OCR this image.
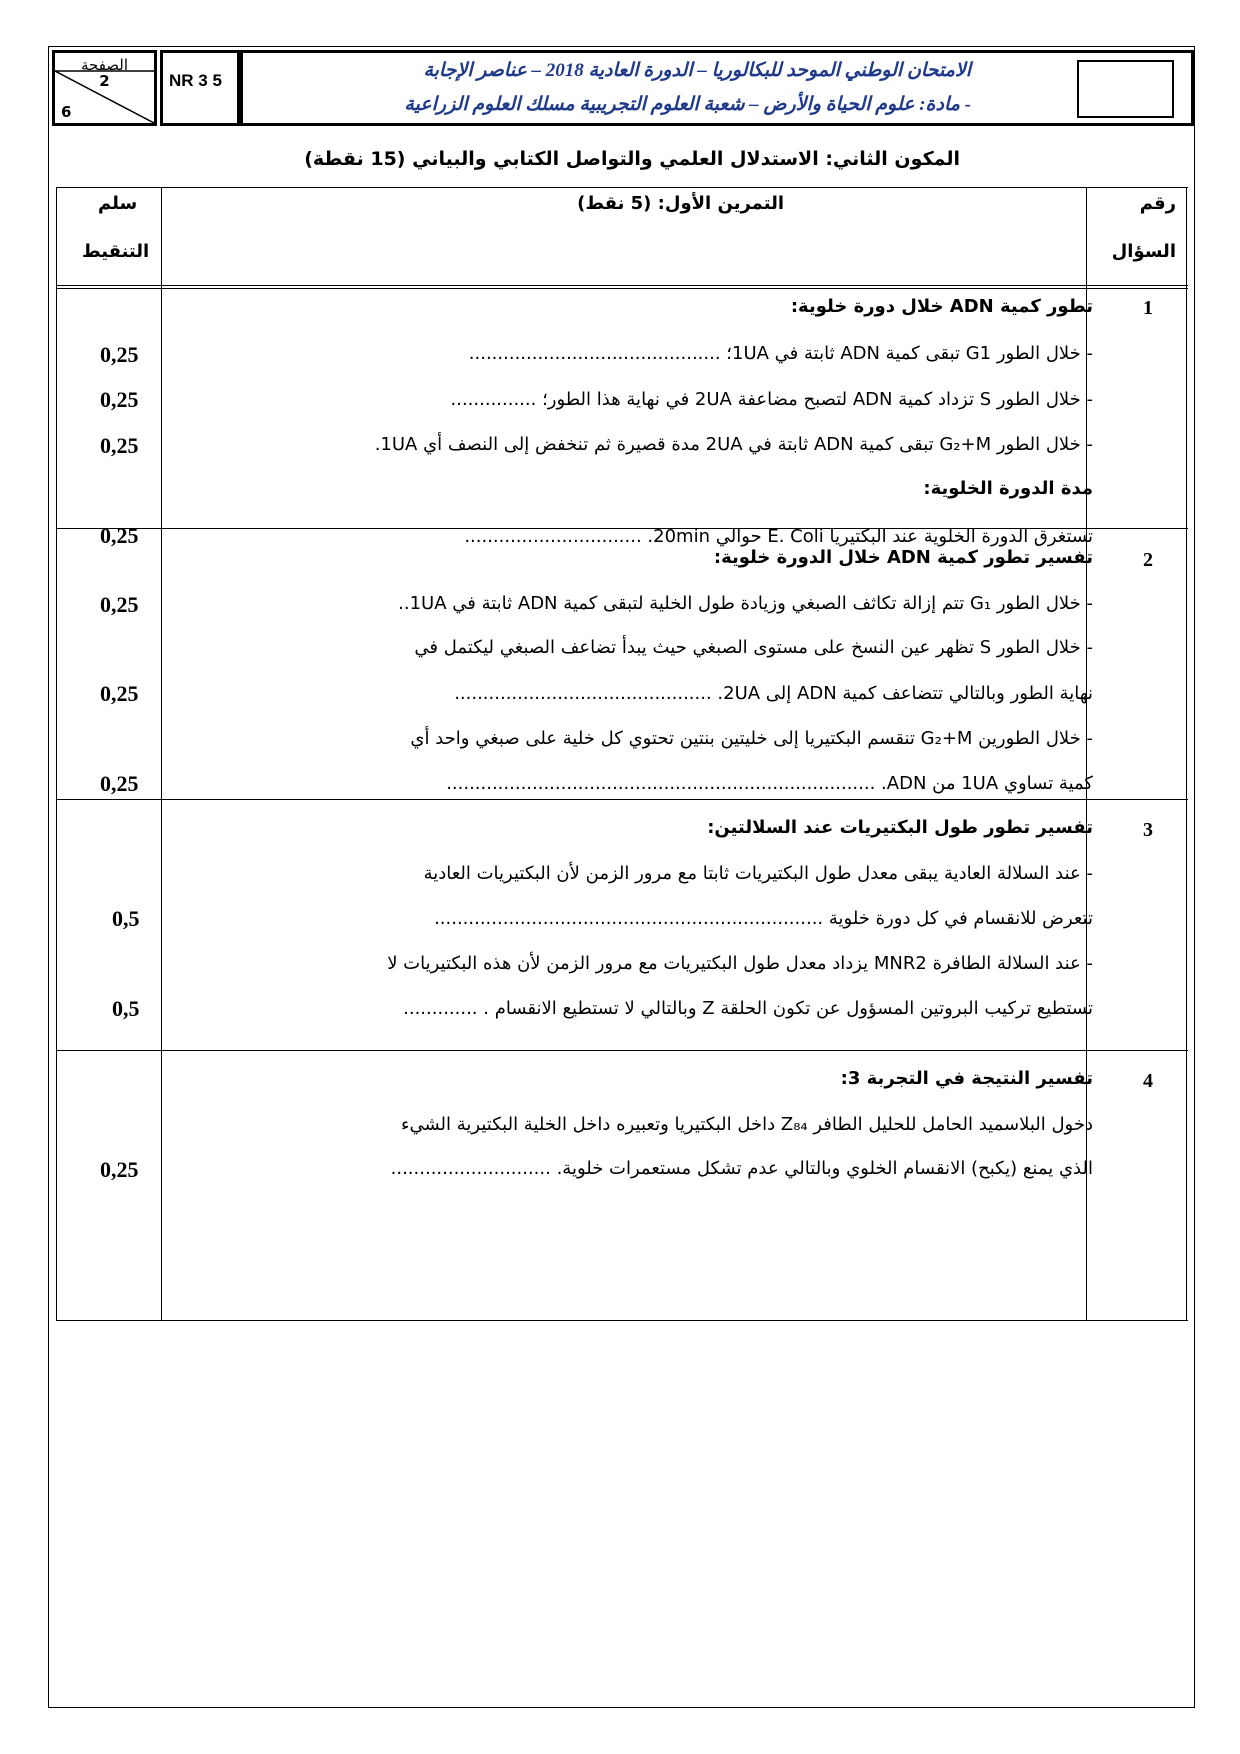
الصفحة
2
6
NR 3 5	الامتحان الوطني الموحد للبكالوريا – الدورة العادية 2018 – عناصر الإجابة
- مادة: علوم الحياة والأرض – شعبة العلوم التجريبية مسلك العلوم الزراعية
المكون الثاني: الاستدلال العلمي والتواصل الكتابي والبياني (15 نقطة)
رقم
السؤال
التمرين الأول: (5 نقط)
سلم
التنقيط
1
تطور كمية ADN خلال دورة خلوية:
- خلال الطور G1 تبقى كمية ADN ثابتة في 1UA؛ ............................................
- خلال الطور S تزداد كمية ADN لتصبح مضاعفة 2UA في نهاية هذا الطور؛ ...............
- خلال الطور G₂+M تبقى كمية ADN ثابتة في 2UA مدة قصيرة ثم تنخفض إلى النصف أي 1UA.
مدة الدورة الخلوية:
تستغرق الدورة الخلوية عند البكتيريا E. Coli حوالي 20min. ...............................
0,25
0,25
0,25
0,25
2
تفسير تطور كمية ADN خلال الدورة خلوية:
- خلال الطور G₁ تتم إزالة تكاثف الصبغي وزيادة طول الخلية لتبقى كمية ADN ثابتة في 1UA..
- خلال الطور S تظهر عين النسخ على مستوى الصبغي حيث يبدأ تضاعف الصبغي ليكتمل في
نهاية الطور وبالتالي تتضاعف كمية ADN إلى 2UA. .............................................
- خلال الطورين G₂+M تنقسم البكتيريا إلى خليتين بنتين تحتوي كل خلية على صبغي واحد أي
كمية تساوي 1UA من ADN. ...........................................................................
0,25
0,25
0,25
3
تفسير تطور طول البكتيريات عند السلالتين:
- عند السلالة العادية يبقى معدل طول البكتيريات ثابتا مع مرور الزمن لأن البكتيريات العادية
تتعرض للانقسام في كل دورة خلوية ....................................................................
- عند السلالة الطافرة MNR2 يزداد معدل طول البكتيريات مع مرور الزمن لأن هذه البكتيريات لا
تستطيع تركيب البروتين المسؤول عن تكون الحلقة Z وبالتالي لا تستطيع الانقسام . .............
0,5
0,5
4
تفسير النتيجة في التجربة 3:
دخول البلاسميد الحامل للحليل الطافر Z₈₄ داخل البكتيريا وتعبيره داخل الخلية البكتيرية الشيء
الذي يمنع (يكبح) الانقسام الخلوي وبالتالي عدم تشكل مستعمرات خلوية. ............................
0,25
